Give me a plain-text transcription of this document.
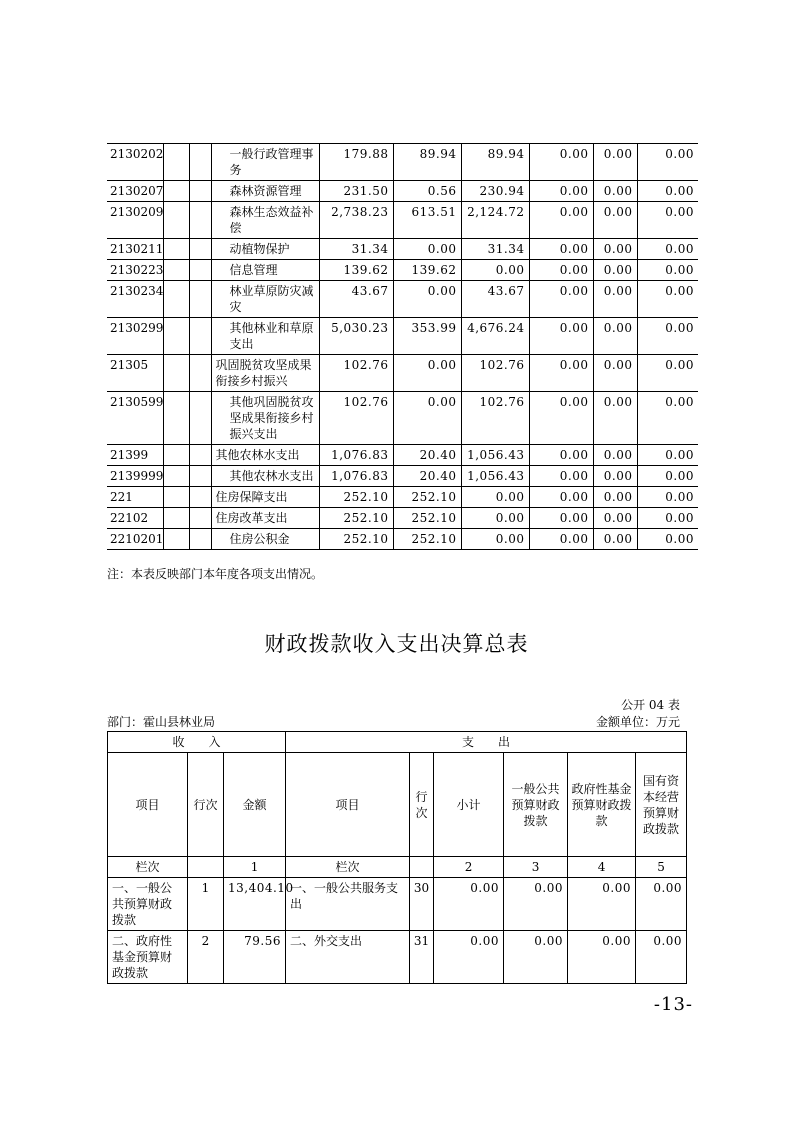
2130202			一般行政管理事务	179.88	89.94	89.94	0.00	0.00	0.00
2130207			森林资源管理	231.50	0.56	230.94	0.00	0.00	0.00
2130209			森林生态效益补偿	2,738.23	613.51	2,124.72	0.00	0.00	0.00
2130211			动植物保护	31.34	0.00	31.34	0.00	0.00	0.00
2130223			信息管理	139.62	139.62	0.00	0.00	0.00	0.00
2130234			林业草原防灾减灾	43.67	0.00	43.67	0.00	0.00	0.00
2130299			其他林业和草原支出	5,030.23	353.99	4,676.24	0.00	0.00	0.00
21305			巩固脱贫攻坚成果衔接乡村振兴	102.76	0.00	102.76	0.00	0.00	0.00
2130599			其他巩固脱贫攻坚成果衔接乡村振兴支出	102.76	0.00	102.76	0.00	0.00	0.00
21399			其他农林水支出	1,076.83	20.40	1,056.43	0.00	0.00	0.00
2139999			其他农林水支出	1,076.83	20.40	1,056.43	0.00	0.00	0.00
221			住房保障支出	252.10	252.10	0.00	0.00	0.00	0.00
22102			住房改革支出	252.10	252.10	0.00	0.00	0.00	0.00
2210201			住房公积金	252.10	252.10	0.00	0.00	0.00	0.00
注：本表反映部门本年度各项支出情况。
财政拨款收入支出决算总表
公开 04 表
部门：霍山县林业局	金额单位：万元
收　　入			支　　出					
项目	行次	金额	项目	行次	小计	一般公共预算财政拨款	政府性基金预算财政拨款	国有资本经营预算财政拨款
栏次		1	栏次		2	3	4	5
一、一般公共预算财政拨款	1	13,404.10	一、一般公共服务支出	30	0.00	0.00	0.00	0.00
二、政府性基金预算财政拨款	2	79.56	二、外交支出	31	0.00	0.00	0.00	0.00
-13-
